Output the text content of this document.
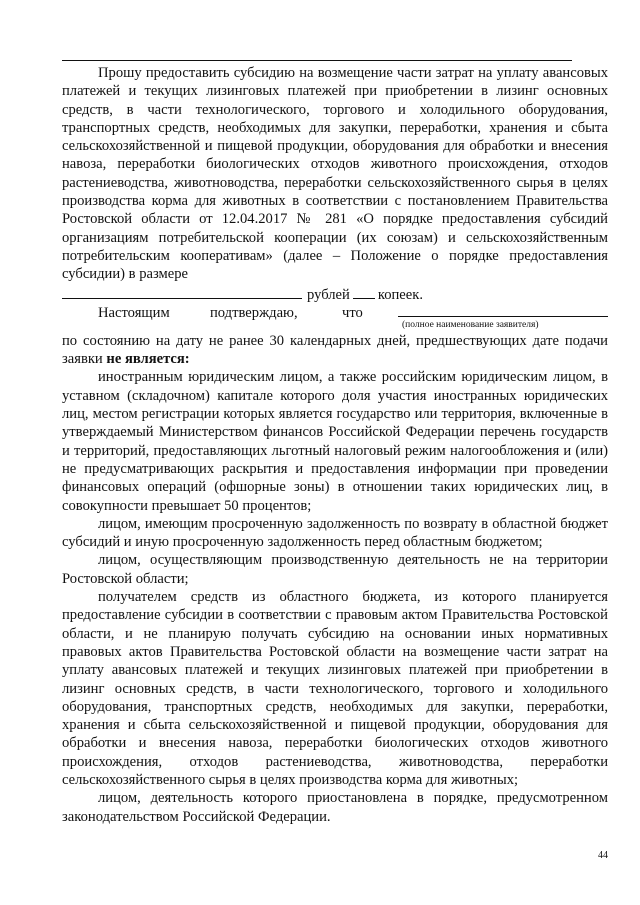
Прошу предоставить субсидию на возмещение части затрат на уплату авансовых платежей и текущих лизинговых платежей при приобретении в лизинг основных средств, в части технологического, торгового и холодильного оборудования, транспортных средств, необходимых для закупки, переработки, хранения и сбыта сельскохозяйственной и пищевой продукции, оборудования для обработки и внесения навоза, переработки биологических отходов животного происхождения, отходов растениеводства, животноводства, переработки сельскохозяйственного сырья в целях производства корма для животных в соответствии с постановлением Правительства Ростовской области от 12.04.2017 № 281 «О порядке предоставления субсидий организациям потребительской кооперации (их союзам) и сельскохозяйственным потребительским кооперативам» (далее – Положение о порядке предоставления субсидии) в размере

рублей копеек.
Настоящим	подтверждаю,	что
(полное наименование заявителя)

по состоянию на дату не ранее 30 календарных дней, предшествующих дате подачи заявки не является:

иностранным юридическим лицом, а также российским юридическим лицом, в уставном (складочном) капитале которого доля участия иностранных юридических лиц, местом регистрации которых является государство или территория, включенные в утверждаемый Министерством финансов Российской Федерации перечень государств и территорий, предоставляющих льготный налоговый режим налогообложения и (или) не предусматривающих раскрытия и предоставления информации при проведении финансовых операций (офшорные зоны) в отношении таких юридических лиц, в совокупности превышает 50 процентов;

лицом, имеющим просроченную задолженность по возврату в областной бюджет субсидий и иную просроченную задолженность перед областным бюджетом;

лицом, осуществляющим производственную деятельность не на территории Ростовской области;

получателем средств из областного бюджета, из которого планируется предоставление субсидии в соответствии с правовым актом Правительства Ростовской области, и не планирую получать субсидию на основании иных нормативных правовых актов Правительства Ростовской области на возмещение части затрат на уплату авансовых платежей и текущих лизинговых платежей при приобретении в лизинг основных средств, в части технологического, торгового и холодильного оборудования, транспортных средств, необходимых для закупки, переработки, хранения и сбыта сельскохозяйственной и пищевой продукции, оборудования для обработки и внесения навоза, переработки биологических отходов животного происхождения, отходов растениеводства, животноводства, переработки сельскохозяйственного сырья в целях производства корма для животных;

лицом, деятельность которого приостановлена в порядке, предусмотренном законодательством Российской Федерации.

44
